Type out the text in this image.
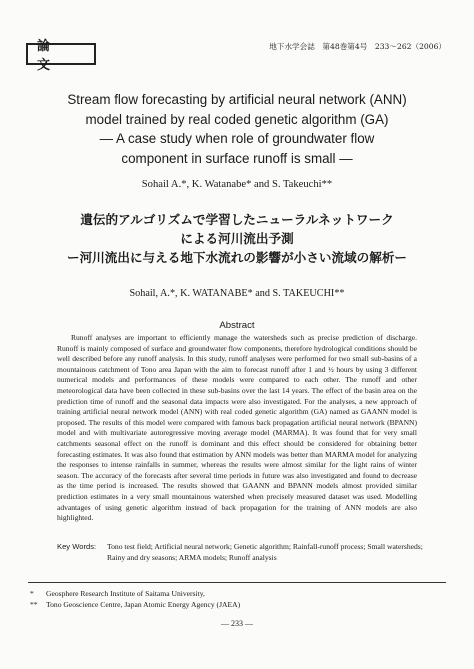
論　文
地下水学会誌　第48巻第4号　233〜262（2006）
Stream flow forecasting by artificial neural network (ANN)
model trained by real coded genetic algorithm (GA)
— A case study when role of groundwater flow
component in surface runoff is small —
Sohail A.*, K. Watanabe* and S. Takeuchi**
遺伝的アルゴリズムで学習したニューラルネットワーク
による河川流出予測
ー河川流出に与える地下水流れの影響が小さい流域の解析ー
Sohail, A.*, K. WATANABE* and S. TAKEUCHI**
Abstract

Runoff analyses are important to efficiently manage the watersheds such as precise prediction of discharge. Runoff is mainly composed of surface and groundwater flow components, therefore hydrological conditions should be well described before any runoff analysis. In this study, runoff analyses were performed for two small sub-basins of a mountainous catchment of Tono area Japan with the aim to forecast runoff after 1 and ½ hours by using 3 different numerical models and performances of these models were compared to each other. The runoff and other meteorological data have been collected in these sub-basins over the last 14 years. The effect of the basin area on the prediction time of runoff and the seasonal data impacts were also investigated. For the analyses, a new approach of training artificial neural network model (ANN) with real coded genetic algorithm (GA) named as GAANN model is proposed. The results of this model were compared with famous back propagation artificial neural network (BPANN) model and with multivariate autoregressive moving average model (MARMA). It was found that for very small catchments seasonal effect on the runoff is dominant and this effect should be considered for obtaining better forecasting estimates. It was also found that estimation by ANN models was better than MARMA model for analyzing the responses to intense rainfalls in summer, whereas the results were almost similar for the light rains of winter season. The accuracy of the forecasts after several time periods in future was also investigated and found to decrease as the time period is increased. The results showed that GAANN and BPANN models almost provided similar prediction estimates in a very small mountainous watershed when precisely measured dataset was used. Modelling advantages of using genetic algorithm instead of back propagation for the training of ANN models are also highlighted.

Key Words:	Tono test field; Artificial neural network; Genetic algorithm; Rainfall-runoff process; Small watersheds; Rainy and dry seasons; ARMA models; Runoff analysis
*	Geosphere Research Institute of Saitama University,
**	Tono Geoscience Centre, Japan Atomic Energy Agency (JAEA)
— 233 —
